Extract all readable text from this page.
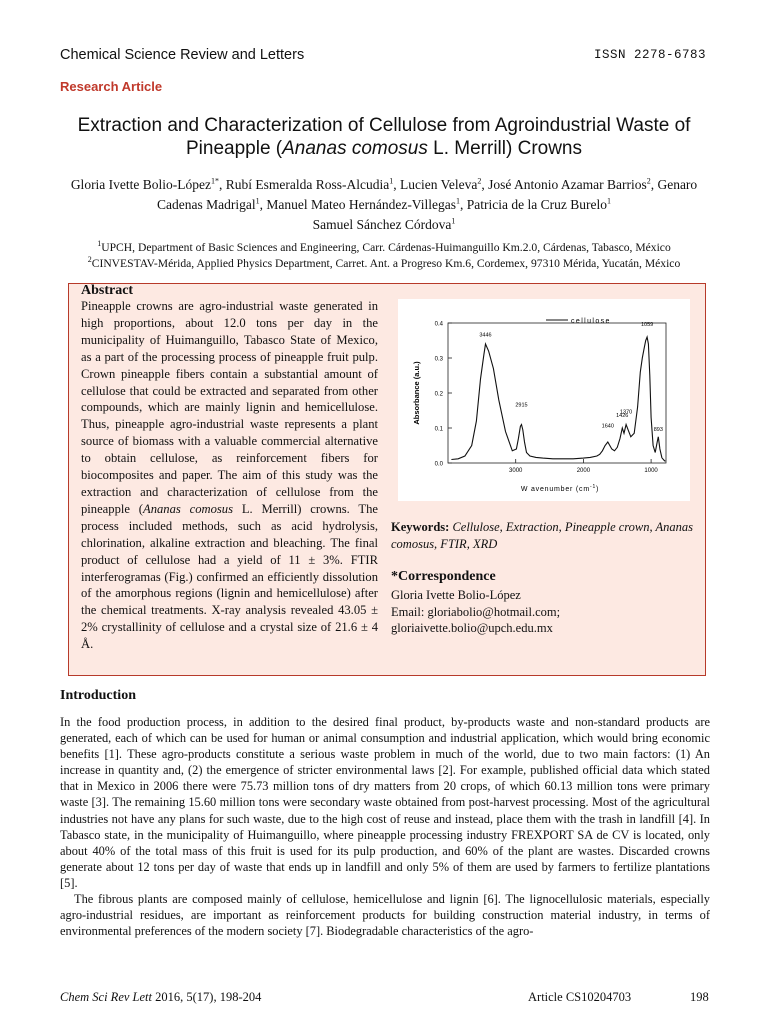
Chemical Science Review and Letters	ISSN 2278-6783
Research Article
Extraction and Characterization of Cellulose from Agroindustrial Waste of
Pineapple (Ananas comosus L. Merrill) Crowns
Gloria Ivette Bolio-López$^{1*}$, Rubí Esmeralda Ross-Alcudia$^1$, Lucien Veleva$^2$, José Antonio Azamar Barrios$^2$, Genaro Cadenas Madrigal$^1$, Manuel Mateo Hernández-Villegas$^1$, Patricia de la Cruz Burelo$^1$
Samuel Sánchez Córdova$^1$
$^1$UPCH, Department of Basic Sciences and Engineering, Carr. Cárdenas-Huimanguillo Km.2.0, Cárdenas, Tabasco, México
$^2$CINVESTAV-Mérida, Applied Physics Department, Carret. Ant. a Progreso Km.6, Cordemex, 97310 Mérida, Yucatán, México
Abstract
Pineapple crowns are agro-industrial waste generated in high proportions, about 12.0 tons per day in the municipality of Huimanguillo, Tabasco State of Mexico, as a part of the processing process of pineapple fruit pulp. Crown pineapple fibers contain a substantial amount of cellulose that could be extracted and separated from other compounds, which are mainly lignin and hemicellulose. Thus, pineapple agro-industrial waste represents a plant source of biomass with a valuable commercial alternative to obtain cellulose, as reinforcement fibers for biocomposites and paper. The aim of this study was the extraction and characterization of cellulose from the pineapple (Ananas comosus L. Merrill) crowns. The process included methods, such as acid hydrolysis, chlorination, alkaline extraction and bleaching. The final product of cellulose had a yield of 11 ± 3%. FTIR interferogramas (Fig.) confirmed an efficiently dissolution of the amorphous regions (lignin and hemicellulose) after the chemical treatments. X-ray analysis revealed 43.05 ± 2% crystallinity of cellulose and a crystal size of 21.6 ± 4 Å.
0.0
0.1
0.2
0.3
0.4
3000	2000	1000
3446
2915
1640
1426
1370
1059
893
cellulose
Absorbance (a.u.)
W avenumber $(cm^{-1})$
Keywords: Cellulose, Extraction, Pineapple crown, Ananas comosus, FTIR, XRD
*Correspondence
Gloria Ivette Bolio-López
Email: gloriabolio@hotmail.com;
gloriaivette.bolio@upch.edu.mx
Introduction

In the food production process, in addition to the desired final product, by-products waste and non-standard products are generated, each of which can be used for human or animal consumption and industrial application, which would bring economic benefits [1]. These agro-products constitute a serious waste problem in much of the world, due to two main factors: (1) An increase in quantity and, (2) the emergence of stricter environmental laws [2]. For example, published official data which stated that in Mexico in 2006 there were 75.73 million tons of dry matters from 20 crops, of which 60.13 million tons were primary waste [3]. The remaining 15.60 million tons were secondary waste obtained from post-harvest processing. Most of the agricultural industries not have any plans for such waste, due to the high cost of reuse and instead, place them with the trash in landfill [4]. In Tabasco state, in the municipality of Huimanguillo, where pineapple processing industry FREXPORT SA de CV is located, only about 40% of the total mass of this fruit is used for its pulp production, and 60% of the plant are wastes. Discarded crowns generate about 12 tons per day of waste that ends up in landfill and only 5% of them are used by farmers to fertilize plantations [5].

The fibrous plants are composed mainly of cellulose, hemicellulose and lignin [6]. The lignocellulosic materials, especially agro-industrial residues, are important as reinforcement products for building construction material industry, in terms of environmental preferences of the modern society [7]. Biodegradable characteristics of the agro-

Chem Sci Rev Lett 2016, 5(17), 198-204	Article CS10204703	198
